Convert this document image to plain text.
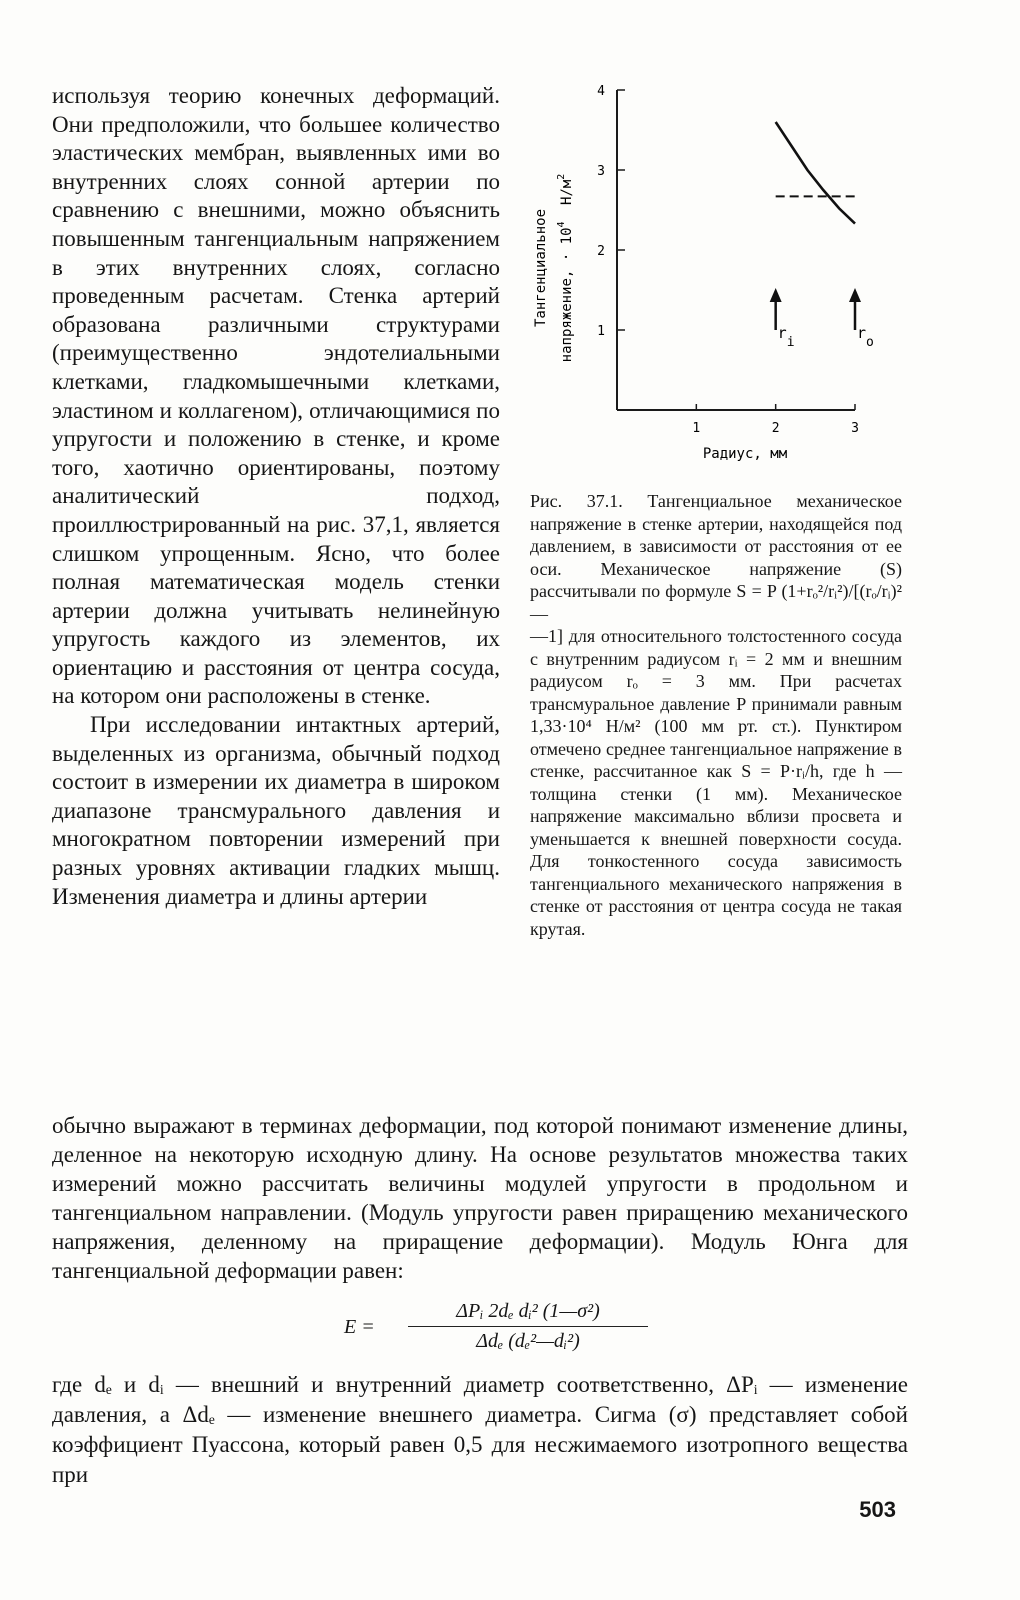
используя теорию конечных деформаций. Они предположили, что большее количество эластических мембран, выявленных ими во внутренних слоях сонной артерии по сравнению с внешними, можно объяснить повышенным тангенциальным напряжением в этих внутренних слоях, согласно проведенным расчетам. Стенка артерий образована различными структурами (преимущественно эндотелиальными клетками, гладкомышечными клетками, эластином и коллагеном), отличающимися по упругости и положению в стенке, и кроме того, хаотично ориентированы, поэтому аналитический подход, проиллюстрированный на рис. 37,1, является слишком упрощенным. Ясно, что более полная математическая модель стенки артерии должна учитывать нелинейную упругость каждого из элементов, их ориентацию и расстояния от центра сосуда, на котором они расположены в стенке.

При исследовании интактных артерий, выделенных из организма, обычный подход состоит в измерении их диаметра в широком диапазоне трансмурального давления и многократном повторении измерений при разных уровнях активации гладких мышц. Изменения диаметра и длины артерии

1
2
3
4
1	2	3
ri
ro
Радиус, мм
Тангенциальное напряжение, · $10^4$ $Н/м^2$
Рис. 37.1. Тангенциальное механическое напряжение в стенке артерии, находящейся под давлением, в зависимости от расстояния от ее оси. Механическое напряжение (S) рассчитывали по формуле S = P (1+rₒ²/rᵢ²)/[(rₒ/rᵢ)² —
—1] для относительного толстостенного сосуда с внутренним радиусом rᵢ = 2 мм и внешним радиусом rₒ = 3 мм. При расчетах трансмуральное давление P принимали равным 1,33·10⁴ Н/м² (100 мм рт. ст.). Пунктиром отмечено среднее тангенциальное напряжение в стенке, рассчитанное как S = P·rᵢ/h, где h — толщина стенки (1 мм). Механическое напряжение максимально вблизи просвета и уменьшается к внешней поверхности сосуда. Для тонкостенного сосуда зависимость тангенциального механического напряжения в стенке от расстояния от центра сосуда не такая крутая.

обычно выражают в терминах деформации, под которой понимают изменение длины, деленное на некоторую исходную длину. На основе результатов множества таких измерений можно рассчитать величины модулей упругости в продольном и тангенциальном направлении. (Модуль упругости равен приращению механического напряжения, деленному на приращение деформации). Модуль Юнга для тангенциальной деформации равен:

E =
ΔPᵢ 2dₑ dᵢ² (1—σ²)
Δdₑ (dₑ²—dᵢ²)

где dₑ и dᵢ — внешний и внутренний диаметр соответственно, ΔPᵢ — изменение давления, а Δdₑ — изменение внешнего диаметра. Сигма (σ) представляет собой коэффициент Пуассона, который равен 0,5 для несжимаемого изотропного вещества при

503
